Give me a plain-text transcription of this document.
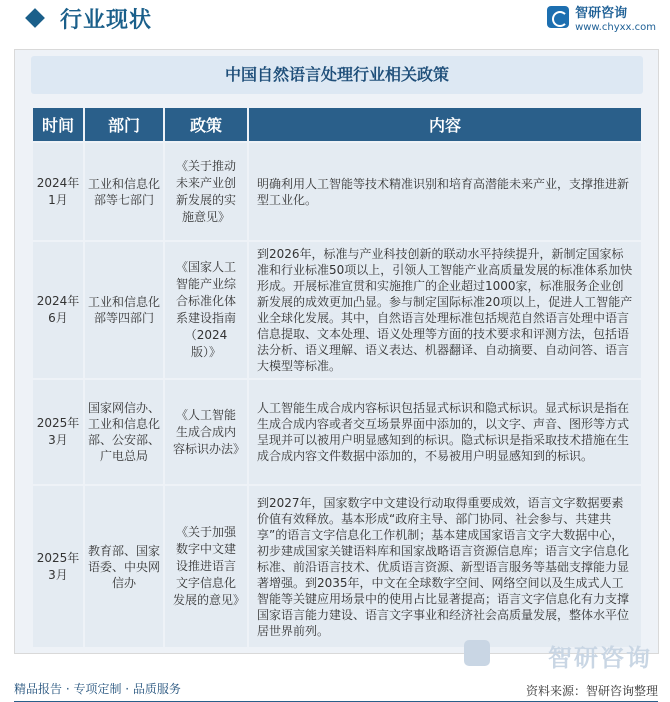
行业现状	智研咨询
www.chyxx.com
中国自然语言处理行业相关政策
时间	部门	政策	内容
2024年1月	工业和信息化部等七部门	《关于推动未来产业创新发展的实施意见》	明确利用人工智能等技术精准识别和培育高潜能未来产业，支撑推进新型工业化。
2024年6月	工业和信息化部等四部门	《国家人工智能产业综合标准化体系建设指南（2024版）》	到2026年，标准与产业科技创新的联动水平持续提升，新制定国家标准和行业标准50项以上，引领人工智能产业高质量发展的标准体系加快形成。开展标准宣贯和实施推广的企业超过1000家，标准服务企业创新发展的成效更加凸显。参与制定国际标准20项以上，促进人工智能产业全球化发展。其中，自然语言处理标准包括规范自然语言处理中语言信息提取、文本处理、语义处理等方面的技术要求和评测方法，包括语法分析、语义理解、语义表达、机器翻译、自动摘要、自动问答、语言大模型等标准。
2025年3月	国家网信办、工业和信息化部、公安部、广电总局	《人工智能生成合成内容标识办法》	人工智能生成合成内容标识包括显式标识和隐式标识。显式标识是指在生成合成内容或者交互场景界面中添加的，以文字、声音、图形等方式呈现并可以被用户明显感知到的标识。隐式标识是指采取技术措施在生成合成内容文件数据中添加的，不易被用户明显感知到的标识。
2025年3月	教育部、国家语委、中央网信办	《关于加强数字中文建设推进语言文字信息化发展的意见》	到2027年，国家数字中文建设行动取得重要成效，语言文字数据要素价值有效释放。基本形成“政府主导、部门协同、社会参与、共建共享”的语言文字信息化工作机制；基本建成国家语言文字大数据中心，初步建成国家关键语料库和国家战略语言资源信息库；语言文字信息化标准、前沿语言技术、优质语言资源、新型语言服务等基础支撑能力显著增强。到2035年，中文在全球数字空间、网络空间以及生成式人工智能等关键应用场景中的使用占比显著提高；语言文字信息化有力支撑国家语言能力建设、语言文字事业和经济社会高质量发展，整体水平位居世界前列。
智研咨询
精品报告 · 专项定制 · 品质服务	资料来源：智研咨询整理
